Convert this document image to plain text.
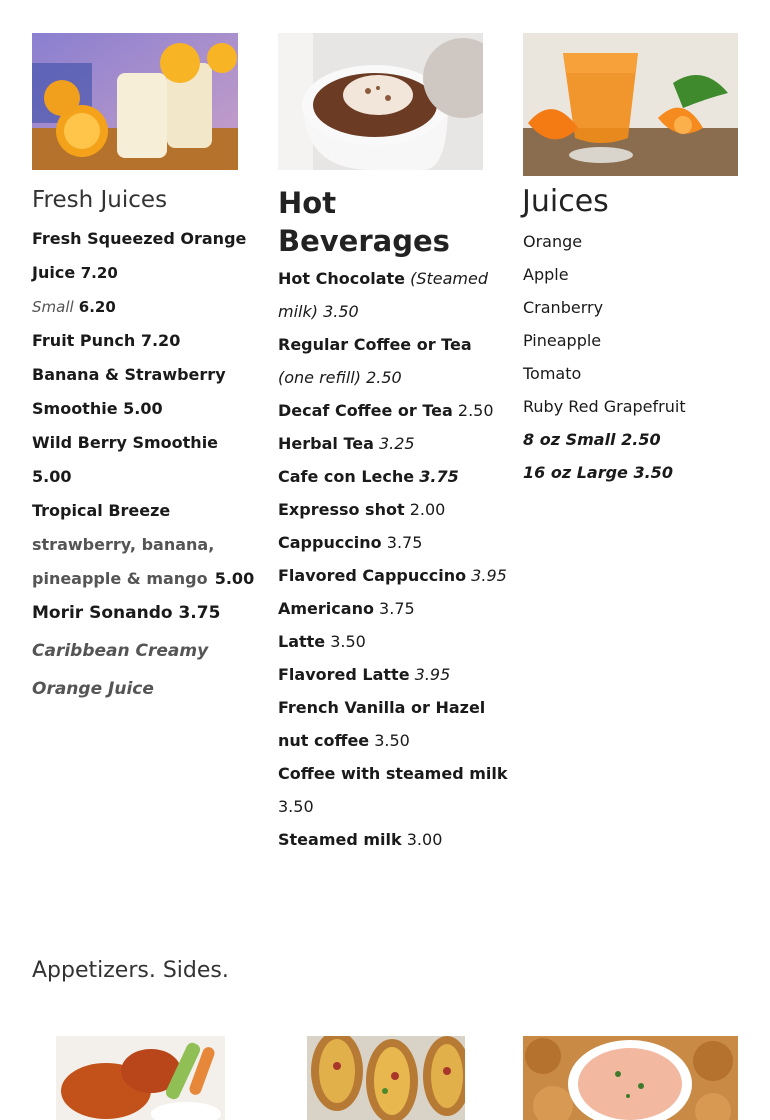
Fresh Juices
Fresh Squeezed Orange
Juice 7.20
Small 6.20
Fruit Punch 7.20
Banana & Strawberry
Smoothie 5.00
Wild Berry Smoothie
5.00
Tropical Breeze
strawberry, banana,
pineapple & mango 5.00
Morir Sonando 3.75
Caribbean Creamy
Orange Juice
Hot
Beverages
Hot Chocolate (Steamed
milk) 3.50
Regular Coffee or Tea
(one refill) 2.50
Decaf Coffee or Tea 2.50
Herbal Tea 3.25
Cafe con Leche 3.75
Expresso shot 2.00
Cappuccino 3.75
Flavored Cappuccino 3.95
Americano 3.75
Latte 3.50
Flavored Latte 3.95
French Vanilla or Hazel
nut coffee 3.50
Coffee with steamed milk
3.50
Steamed milk 3.00
Juices
Orange
Apple
Cranberry
Pineapple
Tomato
Ruby Red Grapefruit
8 oz Small 2.50
16 oz Large 3.50
Appetizers. Sides.
